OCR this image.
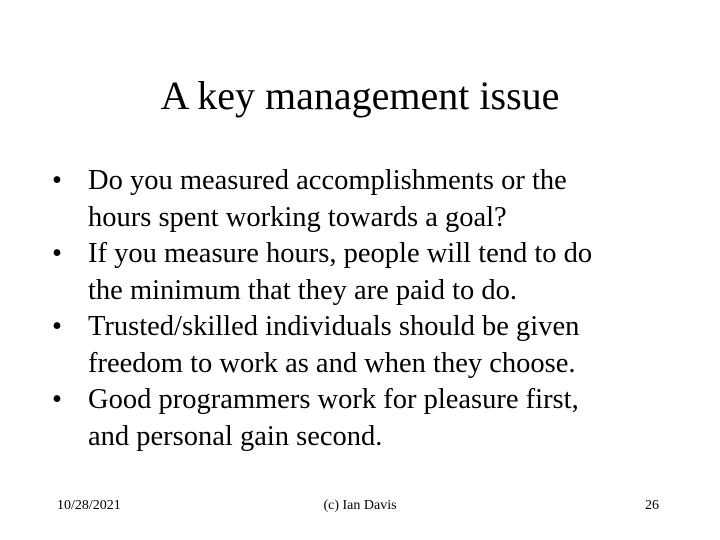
A key management issue
• Do you measured accomplishments or the
hours spent working towards a goal?
• If you measure hours, people will tend to do
the minimum that they are paid to do.
• Trusted/skilled individuals should be given
freedom to work as and when they choose.
• Good programmers work for pleasure first,
and personal gain second.
10/28/2021	(c) Ian Davis	26
